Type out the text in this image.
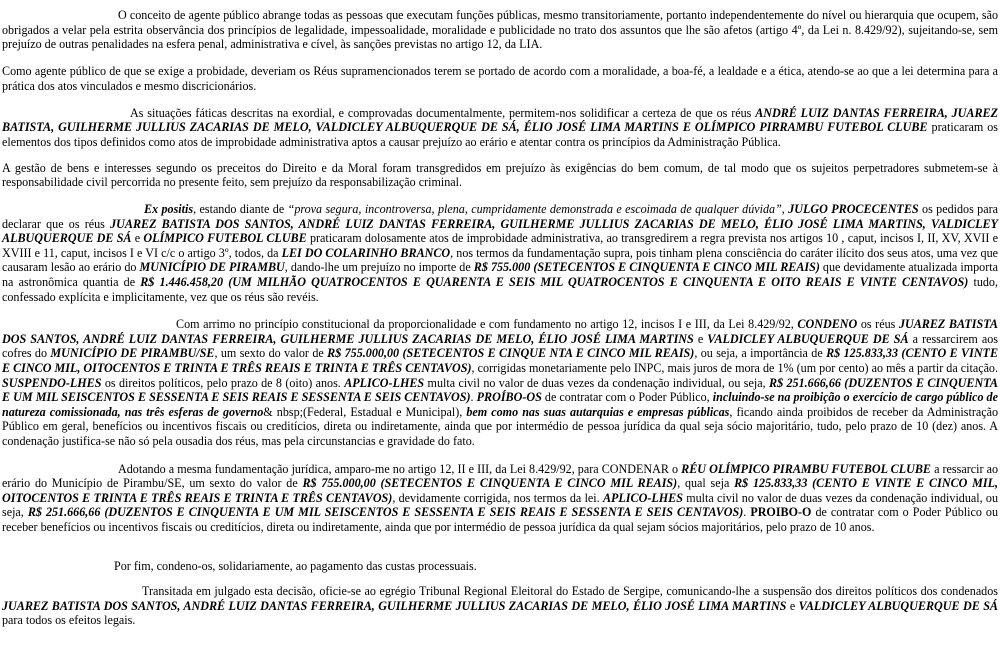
O conceito de agente público abrange todas as pessoas que executam funções públicas, mesmo transitoriamente, portanto independentemente do nível ou hierarquia que ocupem, são obrigados a velar pela estrita observância dos princípios de legalidade, impessoalidade, moralidade e publicidade no trato dos assuntos que lhe são afetos (artigo 4º, da Lei n. 8.429/92), sujeitando-se, sem prejuízo de outras penalidades na esfera penal, administrativa e cível, às sanções previstas no artigo 12, da LIA.

Como agente público de que se exige a probidade, deveriam os Réus supramencionados terem se portado de acordo com a moralidade, a boa-fé, a lealdade e a ética, atendo-se ao que a lei determina para a prática dos atos vinculados e mesmo discricionários.

As situações fáticas descritas na exordial, e comprovadas documentalmente, permitem-nos solidificar a certeza de que os réus ANDRÉ LUIZ DANTAS FERREIRA, JUAREZ BATISTA, GUILHERME JULLIUS ZACARIAS DE MELO, VALDICLEY ALBUQUERQUE DE SÁ, ÉLIO JOSÉ LIMA MARTINS E OLÍMPICO PIRRAMBU FUTEBOL CLUBE praticaram os elementos dos tipos definidos como atos de improbidade administrativa aptos a causar prejuízo ao erário e atentar contra os princípios da Administração Pública.

A gestão de bens e interesses segundo os preceitos do Direito e da Moral foram transgredidos em prejuízo às exigências do bem comum, de tal modo que os sujeitos perpetradores submetem-se à responsabilidade civil percorrida no presente feito, sem prejuízo da responsabilização criminal.

Ex positis, estando diante de “prova segura, incontroversa, plena, cumpridamente demonstrada e escoimada de qualquer dúvida”, JULGO PROCECENTES os pedidos para declarar que os réus JUAREZ BATISTA DOS SANTOS, ANDRÉ LUIZ DANTAS FERREIRA, GUILHERME JULLIUS ZACARIAS DE MELO, ÉLIO JOSÉ LIMA MARTINS, VALDICLEY ALBUQUERQUE DE SÁ e OLÍMPICO FUTEBOL CLUBE praticaram dolosamente atos de improbidade administrativa, ao transgredirem a regra prevista nos artigos 10 , caput, incisos I, II, XV, XVII e XVIII e 11, caput, incisos I e VI c/c o artigo 3º, todos, da LEI DO COLARINHO BRANCO, nos termos da fundamentação supra, pois tinham plena consciência do caráter ilícito dos seus atos, uma vez que causaram lesão ao erário do MUNICÍPIO DE PIRAMBU, dando-lhe um prejuízo no importe de R$ 755.000 (SETECENTOS E CINQUENTA E CINCO MIL REAIS) que devidamente atualizada importa na astronômica quantia de R$ 1.446.458,20 (UM MILHÃO QUATROCENTOS E QUARENTA E SEIS MIL QUATROCENTOS E CINQUENTA E OITO REAIS E VINTE CENTAVOS) tudo, confessado explícita e implicitamente, vez que os réus são revéis.

Com arrimo no princípio constitucional da proporcionalidade e com fundamento no artigo 12, incisos I e III, da Lei 8.429/92, CONDENO os réus JUAREZ BATISTA DOS SANTOS, ANDRÉ LUIZ DANTAS FERREIRA, GUILHERME JULLIUS ZACARIAS DE MELO, ÉLIO JOSÉ LIMA MARTINS e VALDICLEY ALBUQUERQUE DE SÁ a ressarcirem aos cofres do MUNICÍPIO DE PIRAMBU/SE, um sexto do valor de R$ 755.000,00 (SETECENTOS E CINQUE NTA E CINCO MIL REAIS), ou seja, a importância de R$ 125.833,33 (CENTO E VINTE E CINCO MIL, OITOCENTOS E TRINTA E TRÊS REAIS E TRINTA E TRÊS CENTAVOS), corrigidas monetariamente pelo INPC, mais juros de mora de 1% (um por cento) ao mês a partir da citação. SUSPENDO-LHES os direitos políticos, pelo prazo de 8 (oito) anos. APLICO-LHES multa civil no valor de duas vezes da condenação individual, ou seja, R$ 251.666,66 (DUZENTOS E CINQUENTA E UM MIL SEISCENTOS E SESSENTA E SEIS REAIS E SESSENTA E SEIS CENTAVOS). PROÍBO-OS de contratar com o Poder Público, incluindo-se na proibição o exercício de cargo público de natureza comissionada, nas três esferas de governo& nbsp;(Federal, Estadual e Municipal), bem como nas suas autarquias e empresas públicas, ficando ainda proibidos de receber da Administração Público em geral, benefícios ou incentivos fiscais ou creditícios, direta ou indiretamente, ainda que por intermédio de pessoa jurídica da qual seja sócio majoritário, tudo, pelo prazo de 10 (dez) anos. A condenação justifica-se não só pela ousadia dos réus, mas pela circunstancias e gravidade do fato.

Adotando a mesma fundamentação jurídica, amparo-me no artigo 12, II e III, da Lei 8.429/92, para CONDENAR o RÉU OLÍMPICO PIRAMBU FUTEBOL CLUBE a ressarcir ao erário do Município de Pirambu/SE, um sexto do valor de R$ 755.000,00 (SETECENTOS E CINQUENTA E CINCO MIL REAIS), qual seja R$ 125.833,33 (CENTO E VINTE E CINCO MIL, OITOCENTOS E TRINTA E TRÊS REAIS E TRINTA E TRÊS CENTAVOS), devidamente corrigida, nos termos da lei. APLICO-LHES multa civil no valor de duas vezes da condenação individual, ou seja, R$ 251.666,66 (DUZENTOS E CINQUENTA E UM MIL SEISCENTOS E SESSENTA E SEIS REAIS E SESSENTA E SEIS CENTAVOS). PROIBO-O de contratar com o Poder Público ou receber benefícios ou incentivos fiscais ou creditícios, direta ou indiretamente, ainda que por intermédio de pessoa jurídica da qual sejam sócios majoritários, pelo prazo de 10 anos.

Por fim, condeno-os, solidariamente, ao pagamento das custas processuais.

Transitada em julgado esta decisão, oficie-se ao egrégio Tribunal Regional Eleitoral do Estado de Sergipe, comunicando-lhe a suspensão dos direitos políticos dos condenados JUAREZ BATISTA DOS SANTOS, ANDRÉ LUIZ DANTAS FERREIRA, GUILHERME JULLIUS ZACARIAS DE MELO, ÉLIO JOSÉ LIMA MARTINS e VALDICLEY ALBUQUERQUE DE SÁ para todos os efeitos legais.
